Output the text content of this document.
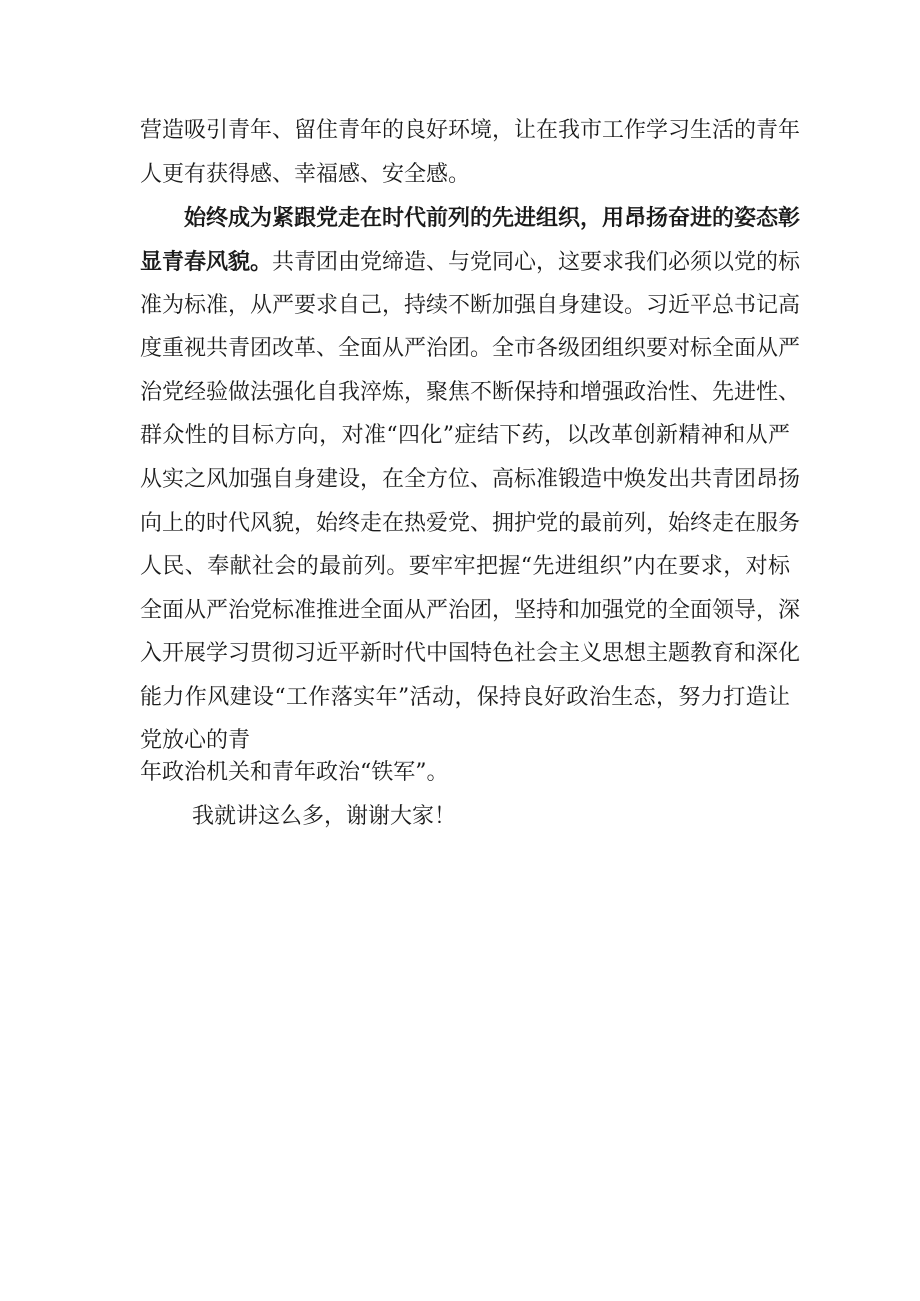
营造吸引青年、留住青年的良好环境，让在我市工作学习生活的青年
人更有获得感、幸福感、安全感。
始终成为紧跟党走在时代前列的先进组织，用昂扬奋进的姿态彰
显青春风貌。共青团由党缔造、与党同心，这要求我们必须以党的标
准为标准，从严要求自己，持续不断加强自身建设。习近平总书记高
度重视共青团改革、全面从严治团。全市各级团组织要对标全面从严
治党经验做法强化自我淬炼，聚焦不断保持和增强政治性、先进性、
群众性的目标方向，对准“四化”症结下药，以改革创新精神和从严
从实之风加强自身建设，在全方位、高标准锻造中焕发出共青团昂扬
向上的时代风貌，始终走在热爱党、拥护党的最前列，始终走在服务
人民、奉献社会的最前列。要牢牢把握“先进组织”内在要求，对标
全面从严治党标准推进全面从严治团，坚持和加强党的全面领导，深
入开展学习贯彻习近平新时代中国特色社会主义思想主题教育和深化
能力作风建设“工作落实年”活动，保持良好政治生态，努力打造让
党放心的青
年政治机关和青年政治“铁军”。
我就讲这么多，谢谢大家！
